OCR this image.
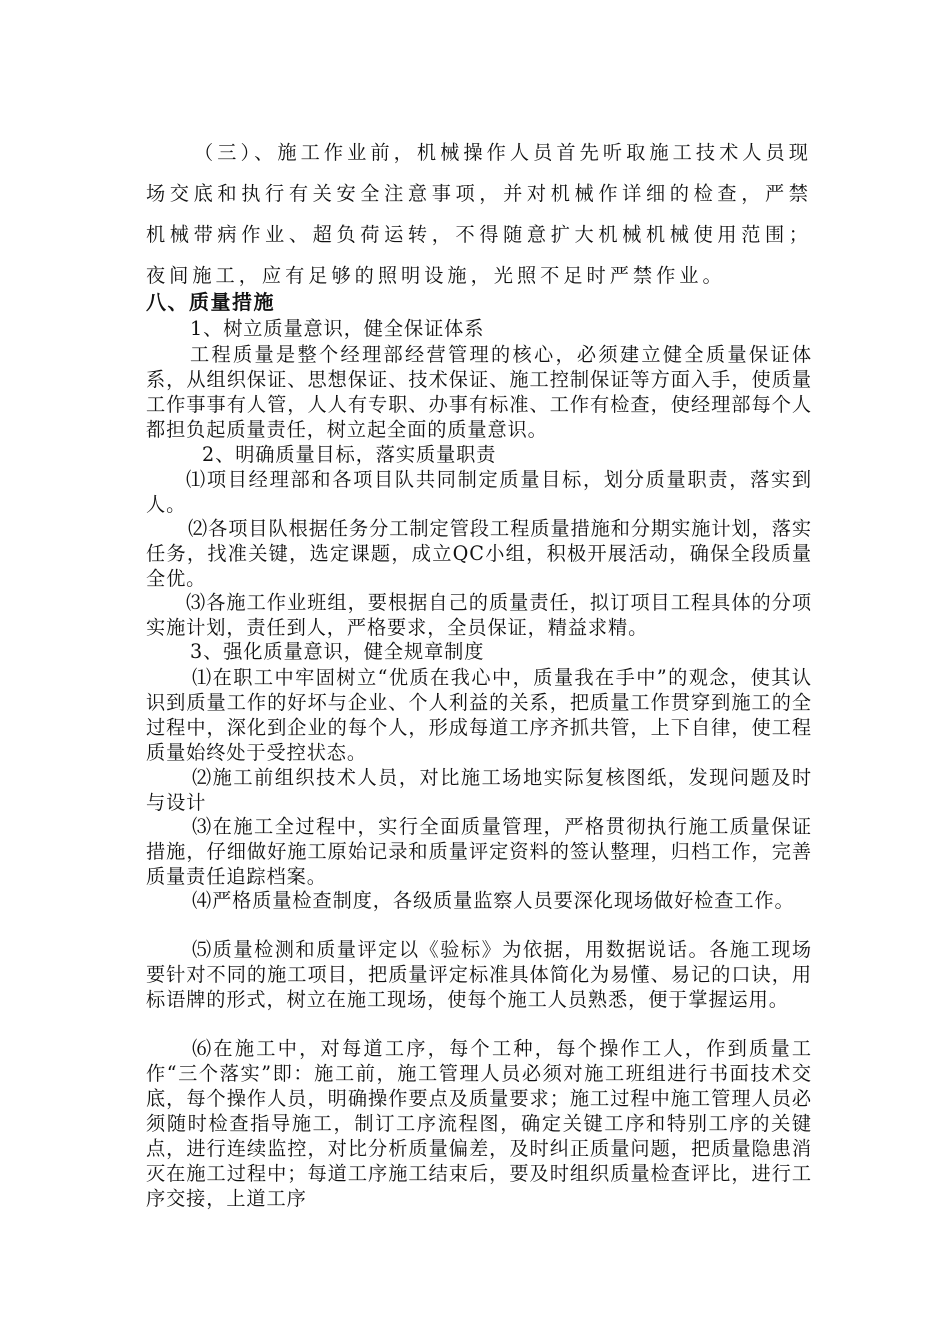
（三）、施工作业前，机械操作人员首先听取施工技术人员现场交底和执行有关安全注意事项，并对机械作详细的检查，严禁机械带病作业、超负荷运转，不得随意扩大机械机械使用范围；夜间施工，应有足够的照明设施，光照不足时严禁作业。

八、质量措施

1、树立质量意识，健全保证体系

工程质量是整个经理部经营管理的核心，必须建立健全质量保证体系，从组织保证、思想保证、技术保证、施工控制保证等方面入手，使质量工作事事有人管，人人有专职、办事有标准、工作有检查，使经理部每个人都担负起质量责任，树立起全面的质量意识。

2、明确质量目标，落实质量职责

⑴项目经理部和各项目队共同制定质量目标，划分质量职责，落实到人。

⑵各项目队根据任务分工制定管段工程质量措施和分期实施计划，落实任务，找准关键，选定课题，成立QC小组，积极开展活动，确保全段质量全优。

⑶各施工作业班组，要根据自己的质量责任，拟订项目工程具体的分项实施计划，责任到人，严格要求，全员保证，精益求精。

3、强化质量意识，健全规章制度

⑴在职工中牢固树立“优质在我心中，质量我在手中”的观念，使其认识到质量工作的好坏与企业、个人利益的关系，把质量工作贯穿到施工的全过程中，深化到企业的每个人，形成每道工序齐抓共管，上下自律，使工程质量始终处于受控状态。

⑵施工前组织技术人员，对比施工场地实际复核图纸，发现问题及时与设计

⑶在施工全过程中，实行全面质量管理，严格贯彻执行施工质量保证措施，仔细做好施工原始记录和质量评定资料的签认整理，归档工作，完善质量责任追踪档案。

⑷严格质量检查制度，各级质量监察人员要深化现场做好检查工作。

⑸质量检测和质量评定以《验标》为依据，用数据说话。各施工现场要针对不同的施工项目，把质量评定标准具体简化为易懂、易记的口诀，用标语牌的形式，树立在施工现场，使每个施工人员熟悉，便于掌握运用。

⑹在施工中，对每道工序，每个工种，每个操作工人，作到质量工作“三个落实”即：施工前，施工管理人员必须对施工班组进行书面技术交底，每个操作人员，明确操作要点及质量要求；施工过程中施工管理人员必须随时检查指导施工，制订工序流程图，确定关键工序和特别工序的关键点，进行连续监控，对比分析质量偏差，及时纠正质量问题，把质量隐患消灭在施工过程中；每道工序施工结束后，要及时组织质量检查评比，进行工序交接，上道工序
